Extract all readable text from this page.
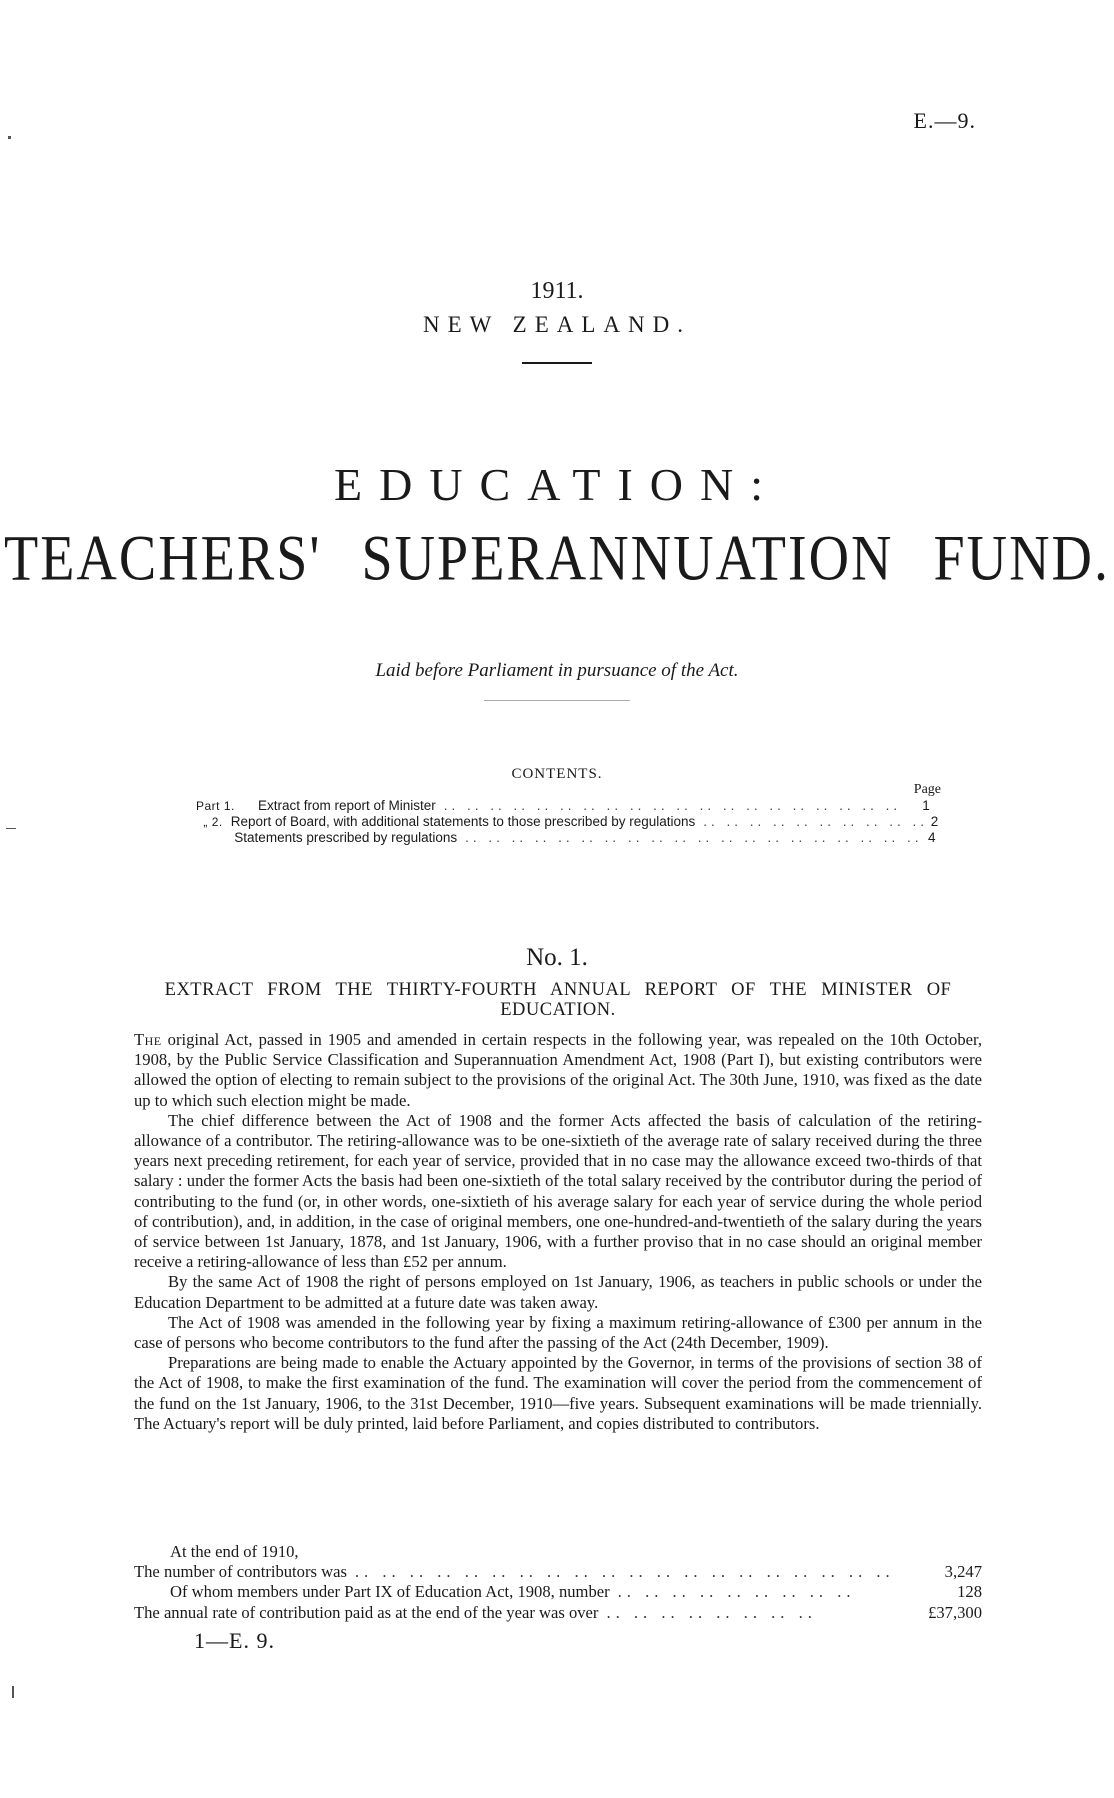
E.—9.
1911.
NEW ZEALAND.
EDUCATION:
TEACHERS' SUPERANNUATION FUND.
Laid before Parliament in pursuance of the Act.
CONTENTS.
Page
Part 1.	Extract from report of Minister .. .. .. .. .. .. .. .. .. .. .. .. .. .. .. .. .. .. .. ..	1
„ 2. Report of Board, with additional statements to those prescribed by regulations .. .. .. .. .. .. .. .. .. .. 2
Statements prescribed by regulations .. .. .. .. .. .. .. .. .. .. .. .. .. .. .. .. .. .. .. .. 4
No. 1.
EXTRACT FROM THE THIRTY-FOURTH ANNUAL REPORT OF THE MINISTER OF EDUCATION.

The original Act, passed in 1905 and amended in certain respects in the following year, was repealed on the 10th October, 1908, by the Public Service Classification and Superannuation Amendment Act, 1908 (Part I), but existing contributors were allowed the option of electing to remain subject to the provisions of the original Act. The 30th June, 1910, was fixed as the date up to which such election might be made.

The chief difference between the Act of 1908 and the former Acts affected the basis of calculation of the retiring-allowance of a contributor. The retiring-allowance was to be one-sixtieth of the average rate of salary received during the three years next preceding retirement, for each year of service, provided that in no case may the allowance exceed two-thirds of that salary : under the former Acts the basis had been one-sixtieth of the total salary received by the contributor during the period of contributing to the fund (or, in other words, one-sixtieth of his average salary for each year of service during the whole period of contribution), and, in addition, in the case of original members, one one-hundred-and-twentieth of the salary during the years of service between 1st January, 1878, and 1st January, 1906, with a further proviso that in no case should an original member receive a retiring-allowance of less than £52 per annum.

By the same Act of 1908 the right of persons employed on 1st January, 1906, as teachers in public schools or under the Education Department to be admitted at a future date was taken away.

The Act of 1908 was amended in the following year by fixing a maximum retiring-allowance of £300 per annum in the case of persons who become contributors to the fund after the passing of the Act (24th December, 1909).

Preparations are being made to enable the Actuary appointed by the Governor, in terms of the provisions of section 38 of the Act of 1908, to make the first examination of the fund. The examination will cover the period from the commencement of the fund on the 1st January, 1906, to the 31st December, 1910—five years. Subsequent examinations will be made triennially. The Actuary's report will be duly printed, laid before Parliament, and copies distributed to contributors.

At the end of 1910,
The number of contributors was .. .. .. .. .. .. .. .. .. .. .. .. .. .. .. .. .. .. .. ..	3,247
Of whom members under Part IX of Education Act, 1908, number .. .. .. .. .. .. .. .. ..	128
The annual rate of contribution paid as at the end of the year was over .. .. .. .. .. .. .. ..	£37,300
1—E. 9.
